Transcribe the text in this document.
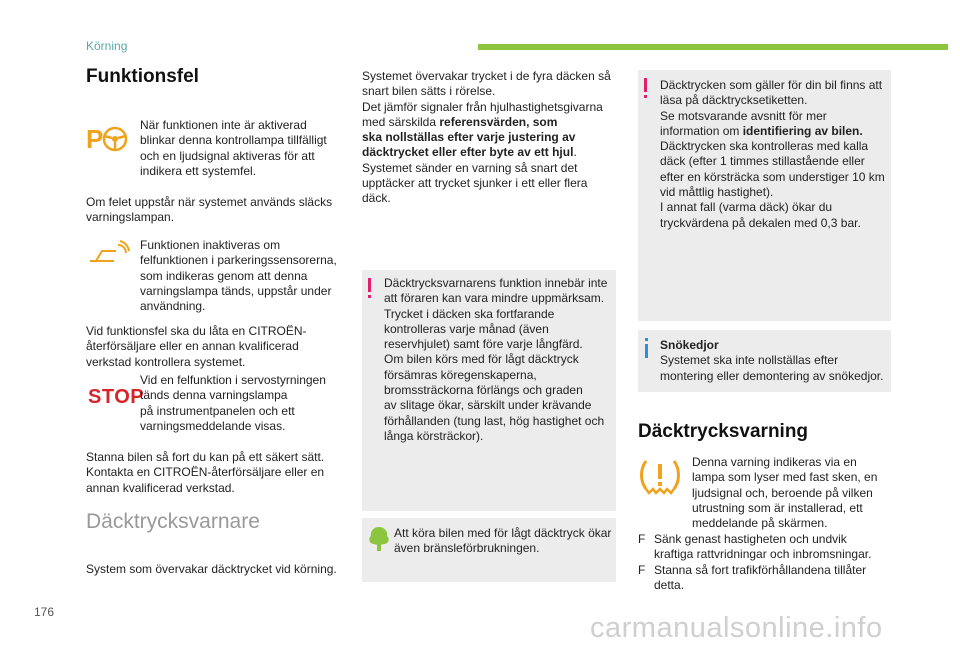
Körning
Funktionsfel
P	När funktionen inte är aktiverad
blinkar denna kontrollampa tillfälligt
och en ljudsignal aktiveras för att
indikera ett systemfel.
Om felet uppstår när systemet används släcks
varningslampan.
Funktionen inaktiveras om
felfunktionen i parkeringssensorerna,
som indikeras genom att denna
varningslampa tänds, uppstår under
användning.
Vid funktionsfel ska du låta en CITROËN-
återförsäljare eller en annan kvalificerad
verkstad kontrollera systemet.
STOP
Vid en felfunktion i servostyrningen
tänds denna varningslampa
på instrumentpanelen och ett
varningsmeddelande visas.
Stanna bilen så fort du kan på ett säkert sätt.
Kontakta en CITROËN-återförsäljare eller en
annan kvalificerad verkstad.
Däcktrycksvarnare
System som övervakar däcktrycket vid körning.
Systemet övervakar trycket i de fyra däcken så
snart bilen sätts i rörelse.
Det jämför signaler från hjulhastighetsgivarna
med särskilda referensvärden, som
ska nollställas efter varje justering av
däcktrycket eller efter byte av ett hjul.
Systemet sänder en varning så snart det
upptäcker att trycket sjunker i ett eller flera
däck.
Däcktrycksvarnarens funktion innebär inte
att föraren kan vara mindre uppmärksam.
Trycket i däcken ska fortfarande
kontrolleras varje månad (även
reservhjulet) samt före varje långfärd.
Om bilen körs med för lågt däcktryck
försämras köregenskaperna,
bromssträckorna förlängs och graden
av slitage ökar, särskilt under krävande
förhållanden (tung last, hög hastighet och
långa körsträckor).
Att köra bilen med för lågt däcktryck ökar
även bränsleförbrukningen.
Däcktrycken som gäller för din bil finns att
läsa på däcktrycksetiketten.
Se motsvarande avsnitt för mer
information om identifiering av bilen.
Däcktrycken ska kontrolleras med kalla
däck (efter 1 timmes stillastående eller
efter en körsträcka som understiger 10 km
vid måttlig hastighet).
I annat fall (varma däck) ökar du
tryckvärdena på dekalen med 0,3 bar.
Snökedjor
Systemet ska inte nollställas efter
montering eller demontering av snökedjor.
Däcktrycksvarning
Denna varning indikeras via en
lampa som lyser med fast sken, en
ljudsignal och, beroende på vilken
utrustning som är installerad, ett
meddelande på skärmen.
F Sänk genast hastigheten och undvik
kraftiga rattvridningar och inbromsningar.
F Stanna så fort trafikförhållandena tillåter
detta.
176	carmanualsonline.info
